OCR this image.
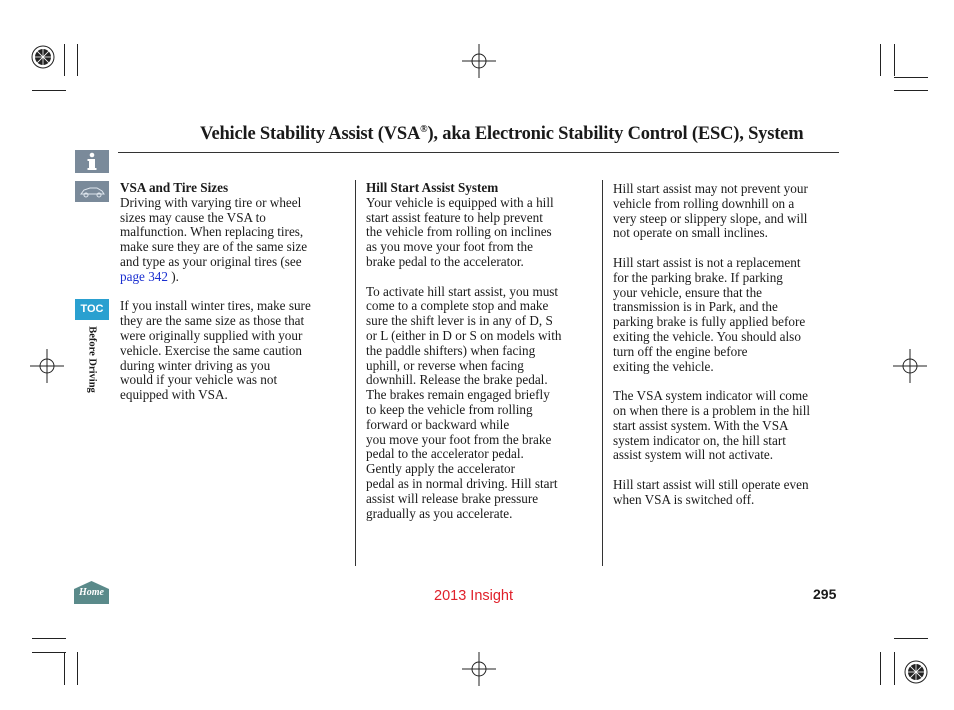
Vehicle Stability Assist (VSA®), aka Electronic Stability Control (ESC), System
TOC
Before Driving
Home
VSA and Tire Sizes

Driving with varying tire or wheel

sizes may cause the VSA to

malfunction. When replacing tires,

make sure they are of the same size

and type as your original tires (see

page 342 ).

If you install winter tires, make sure

they are the same size as those that

were originally supplied with your

vehicle. Exercise the same caution

during winter driving as you

would if your vehicle was not

equipped with VSA.

Hill Start Assist System

Your vehicle is equipped with a hill

start assist feature to help prevent

the vehicle from rolling on inclines

as you move your foot from the

brake pedal to the accelerator.

To activate hill start assist, you must

come to a complete stop and make

sure the shift lever is in any of D, S

or L (either in D or S on models with

the paddle shifters) when facing

uphill, or reverse when facing

downhill. Release the brake pedal.

The brakes remain engaged briefly

to keep the vehicle from rolling

forward or backward while

you move your foot from the brake

pedal to the accelerator pedal.

Gently apply the accelerator

pedal as in normal driving. Hill start

assist will release brake pressure

gradually as you accelerate.

Hill start assist may not prevent your

vehicle from rolling downhill on a

very steep or slippery slope, and will

not operate on small inclines.

Hill start assist is not a replacement

for the parking brake. If parking

your vehicle, ensure that the

transmission is in Park, and the

parking brake is fully applied before

exiting the vehicle. You should also

turn off the engine before

exiting the vehicle.

The VSA system indicator will come

on when there is a problem in the hill

start assist system. With the VSA

system indicator on, the hill start

assist system will not activate.

Hill start assist will still operate even

when VSA is switched off.

2013 Insight	295
